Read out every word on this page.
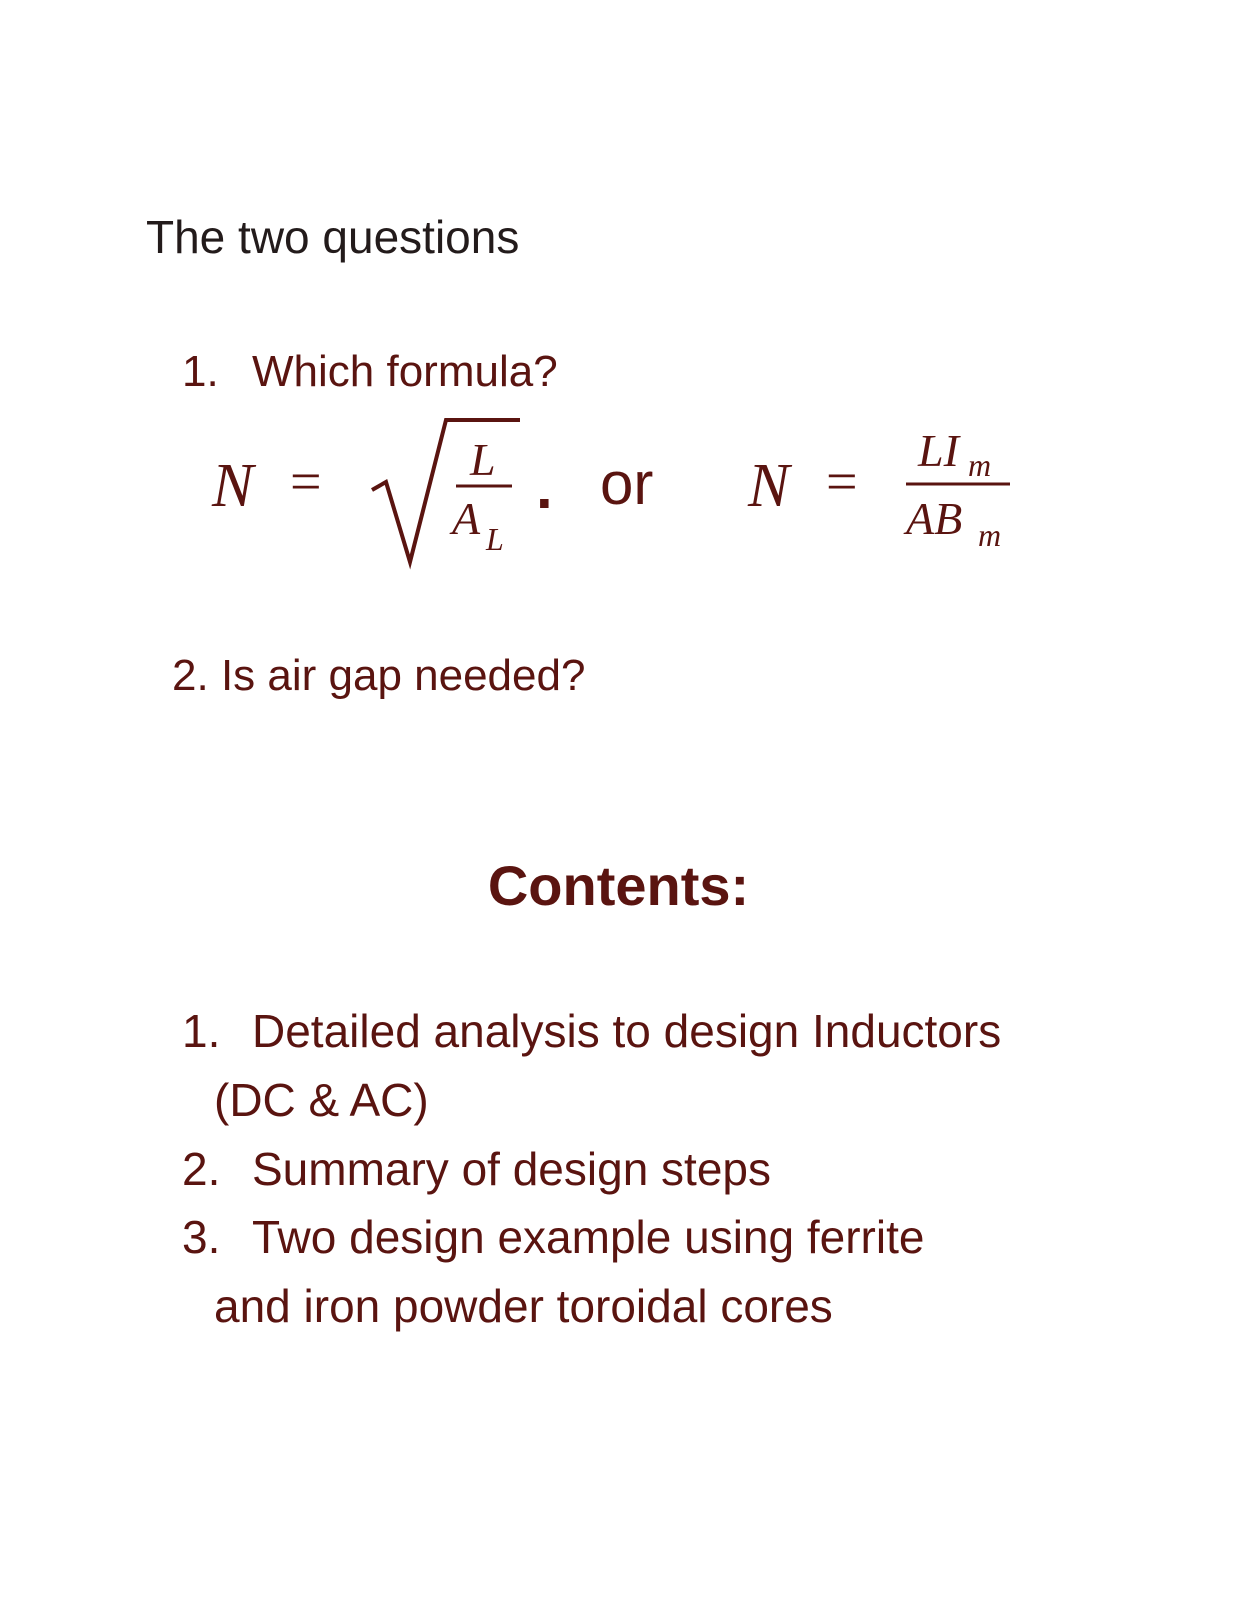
The two questions
1. Which formula?
N =	L
A L
. or N =
LI m
AB m
2. Is air gap needed?
Contents:
1. Detailed analysis to design Inductors
(DC & AC)
2. Summary of design steps
3. Two design example using ferrite
and iron powder toroidal cores
